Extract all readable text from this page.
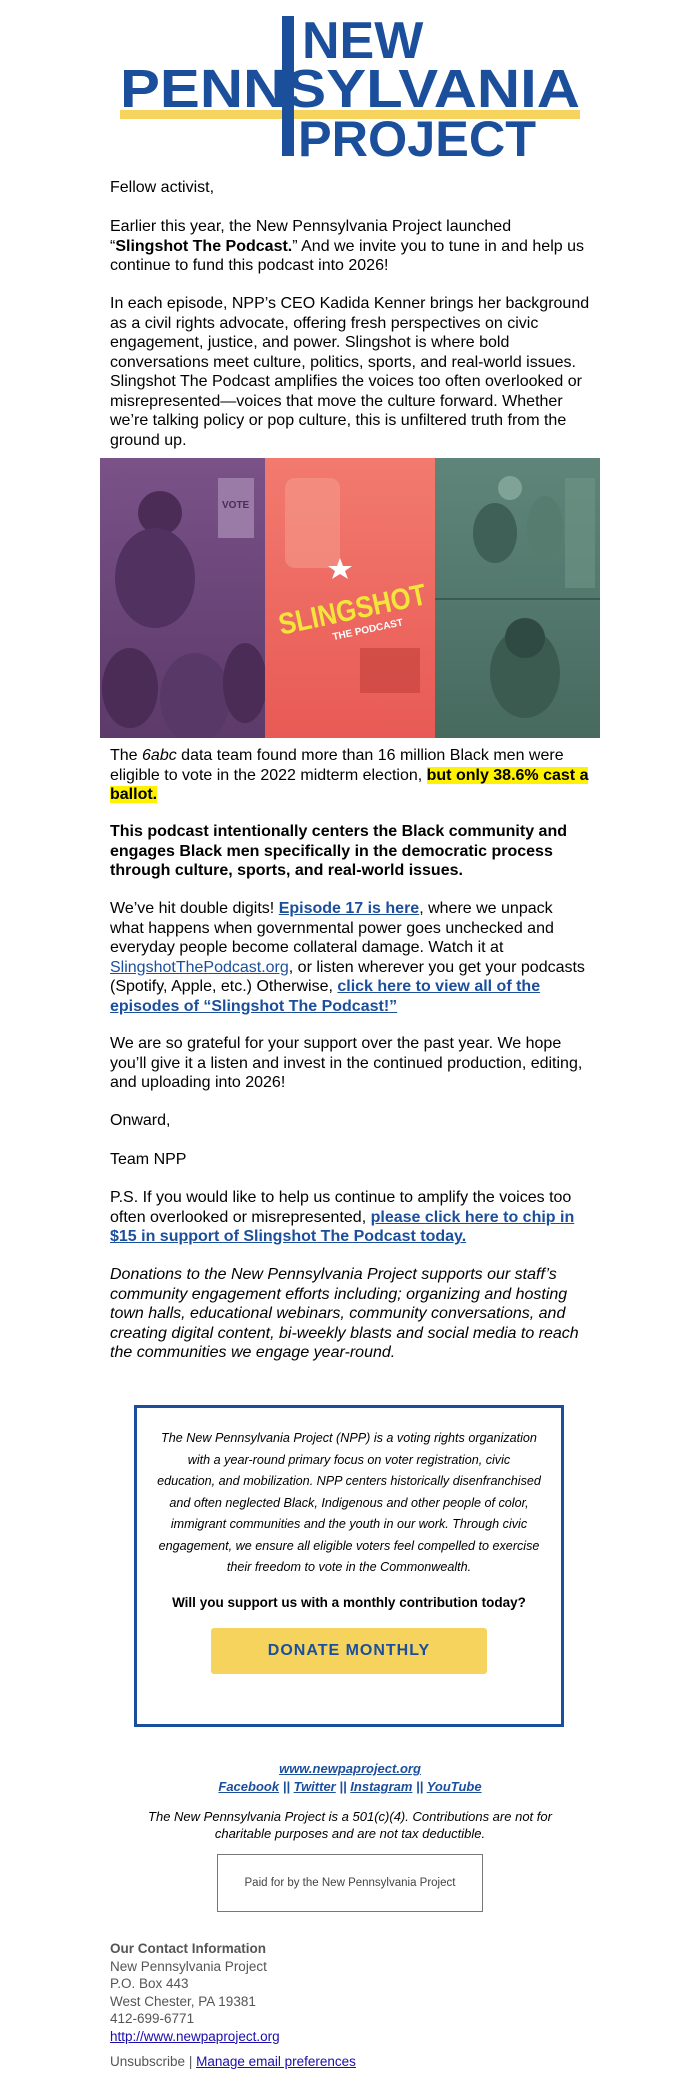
NEW
PENNSYLVANIA
PROJECT

Fellow activist,

Earlier this year, the New Pennsylvania Project launched “Slingshot The Podcast.” And we invite you to tune in and help us continue to fund this podcast into 2026!

In each episode, NPP’s CEO Kadida Kenner brings her background as a civil rights advocate, offering fresh perspectives on civic engagement, justice, and power. Slingshot is where bold conversations meet culture, politics, sports, and real-world issues. Slingshot The Podcast amplifies the voices too often overlooked or misrepresented—voices that move the culture forward. Whether we’re talking policy or pop culture, this is unfiltered truth from the ground up.

VOTE
SLINGSHOT
THE PODCAST

The 6abc data team found more than 16 million Black men were eligible to vote in the 2022 midterm election, but only 38.6% cast a ballot.

This podcast intentionally centers the Black community and engages Black men specifically in the democratic process through culture, sports, and real-world issues.

We’ve hit double digits! Episode 17 is here, where we unpack what happens when governmental power goes unchecked and everyday people become collateral damage. Watch it at SlingshotThePodcast.org, or listen wherever you get your podcasts (Spotify, Apple, etc.) Otherwise, click here to view all of the episodes of “Slingshot The Podcast!”

We are so grateful for your support over the past year. We hope you’ll give it a listen and invest in the continued production, editing, and uploading into 2026!

Onward,

Team NPP

P.S. If you would like to help us continue to amplify the voices too often overlooked or misrepresented, please click here to chip in $15 in support of Slingshot The Podcast today.

Donations to the New Pennsylvania Project supports our staff’s community engagement efforts including; organizing and hosting town halls, educational webinars, community conversations, and creating digital content, bi-weekly blasts and social media to reach the communities we engage year-round.

The New Pennsylvania Project (NPP) is a voting rights organization with a year-round primary focus on voter registration, civic education, and mobilization. NPP centers historically disenfranchised and often neglected Black, Indigenous and other people of color, immigrant communities and the youth in our work. Through civic engagement, we ensure all eligible voters feel compelled to exercise their freedom to vote in the Commonwealth.

Will you support us with a monthly contribution today?
DONATE MONTHLY
www.newpaproject.org
Facebook || Twitter || Instagram || YouTube
The New Pennsylvania Project is a 501(c)(4). Contributions are not for charitable purposes and are not tax deductible.
Paid for by the New Pennsylvania Project
Our Contact Information
New Pennsylvania Project
P.O. Box 443
West Chester, PA 19381
412-699-6771
http://www.newpaproject.org
Unsubscribe | Manage email preferences
